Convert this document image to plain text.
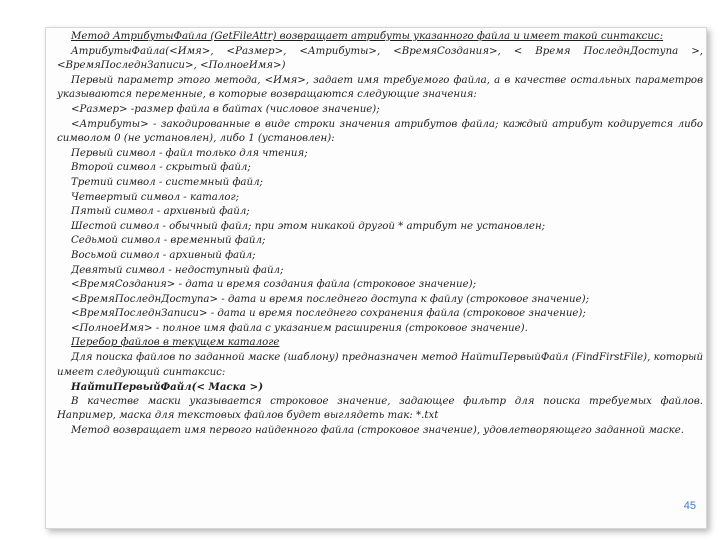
Метод АтрибутыФайла (GetFileAttr) возвращает атрибуты указанного файла и имеет такой синтаксис:

АтрибутыФайла(<Имя>, <Размер>, <Атрибуты>, <ВремяСоздания>, < Время ПоследнДоступа >, <ВремяПоследнЗаписи>, <ПолноеИмя>)

Первый параметр этого метода, <Имя>, задает имя требуемого файла, а в качестве остальных параметров указываются переменные, в которые возвращаются следующие значения:

<Размер> -размер файла в байтах (числовое значение);

<Атрибуты> - закодированные в виде строки значения атрибутов файла; каждый атрибут кодируется либо символом 0 (не установлен), либо 1 (установлен):

Первый символ - файл только для чтения;

Второй символ - скрытый файл;

Третий символ - системный файл;

Четвертый символ - каталог;

Пятый символ - архивный файл;

Шестой символ - обычный файл; при этом никакой другой * атрибут не установлен;

Седьмой символ - временный файл;

Восьмой символ - архивный файл;

Девятый символ - недоступный файл;

<ВремяСоздания> - дата и время создания файла (строковое значение);

<ВремяПоследнДоступа> - дата и время последнего доступа к файлу (строковое значение);

<ВремяПоследнЗаписи> - дата и время последнего сохранения файла (строковое значение);

<ПолноеИмя> - полное имя файла с указанием расширения (строковое значение).

Перебор файлов в текущем каталоге

Для поиска файлов по заданной маске (шаблону) предназначен метод НайтиПервыйФайл (FindFirstFile), который имеет следующий синтаксис:

НайтиПервыйФайл(< Маска >)

В качестве маски указывается строковое значение, задающее фильтр для поиска требуемых файлов. Например, маска для текстовых файлов будет выглядеть так: *.txt

Метод возвращает имя первого найденного файла (строковое значение), удовлетворяющего заданной маске.

45
